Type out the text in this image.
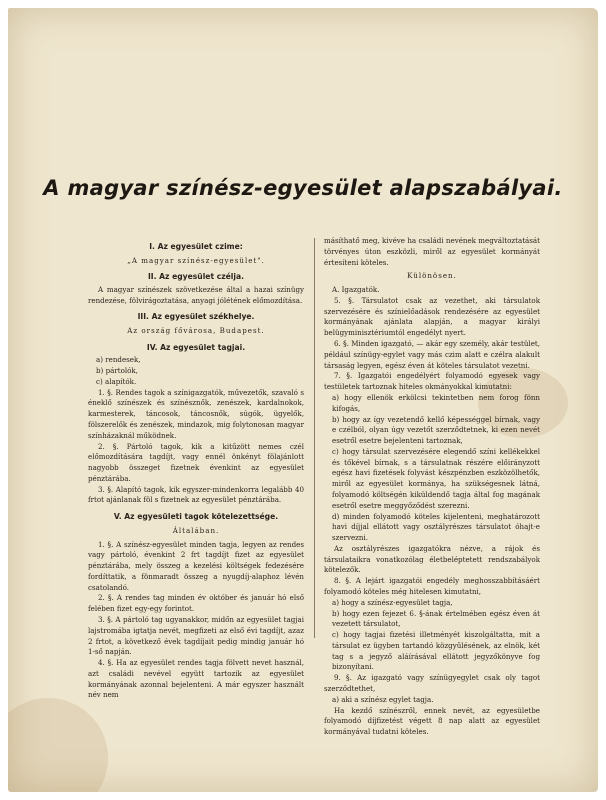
A magyar színész-egyesület alapszabályai.
I. Az egyesület czime:
„A magyar színész-egyesület".
II. Az egyesület czélja.
A magyar színészek szövetkezése által a hazai színügy rendezése, fölvirágoztatása, anyagi jólétének előmozdítása.
III. Az egyesület székhelye.
Az ország fővárosa, Budapest.
IV. Az egyesület tagjai.
a) rendesek,
b) pártolók,
c) alapítók.
1. §. Rendes tagok a színigazgatók, művezetők, szavaló s éneklő színészek és színésznők, zenészek, kardalnokok, karmesterek, táncosok, táncosnők, súgók, ügyelők, fölszerelők és zenészek, mindazok, mig folytonosan magyar színházaknál működnek.
2. §. Pártoló tagok, kik a kitűzött nemes czél előmozdítására tagdíjt, vagy ennél önkényt fölajánlott nagyobb összeget fizetnek évenkint az egyesület pénztárába.
3. §. Alapító tagok, kik egyszer-mindenkorra legalább 40 frtot ajánlanak föl s fizetnek az egyesület pénztárába.
V. Az egyesületi tagok kötelezettsége.
Általában.
1. §. A színész-egyesület minden tagja, legyen az rendes vagy pártoló, évenkint 2 frt tagdíjt fizet az egyesület pénztárába, mely összeg a kezelési költségek fedezésére fordíttatik, a fönmaradt összeg a nyugdíj-alaphoz lévén csatolandó.
2. §. A rendes tag minden év október és január hó első felében fizet egy-egy forintot.
3. §. A pártoló tag ugyanakkor, midőn az egyesület tagjai lajstromába igtatja nevét, megfizeti az első évi tagdíjt, azaz 2 frtot, a következő évek tagdíjait pedig mindig január hó 1-ső napján.
4. §. Ha az egyesület rendes tagja fölvett nevet használ, azt családi nevével együtt tartozik az egyesület kormányának azonnal bejelenteni. A már egyszer használt név nem
másíthatő meg, kivéve ha családi nevének megváltoztatását törvényes úton eszközli, miről az egyesület kormányát értesíteni köteles.
Különösen.
A. Igazgatók.
5. §. Társulatot csak az vezethet, aki társulatok szervezésére és színielőadások rendezésére az egyesület kormányának ajánlata alapján, a magyar királyi belügyminisztériumtól engedélyt nyert.
6. §. Minden igazgató, — akár egy személy, akár testület, például színügy-egylet vagy más czim alatt e czélra alakult társaság legyen, egész éven át köteles társulatot vezetni.
7. §. Igazgatói engedélyért folyamodó egyesek vagy testületek tartoznak hiteles okmányokkal kimutatni:
a) hogy ellenök erkölcsi tekintetben nem forog fönn kifogás,
b) hogy az így vezetendő kellő képességgel bírnak, vagy e czélból, olyan úgy vezetőt szerződtetnek, ki ezen nevét esetről esetre bejelenteni tartoznak,
c) hogy társulat szervezésére elegendő színi kellékekkel és tőkével bírnak, s a társulatnak részére előirányzott egész havi fizetések folyvást készpénzben eszközölhetők, miről az egyesület kormánya, ha szükségesnek látná, folyamodó költségén kiküldendő tagja által fog magának esetről esetre meggyőződést szerezni.
d) minden folyamodó köteles kijelenteni, meghatározott havi díjjal ellátott vagy osztályrészes társulatot óhajt-e szervezni.
Az osztályrészes igazgatókra nézve, a rájok és társulataikra vonatkozólag életbeléptetett rendszabályok kötelezők.
8. §. A lejárt igazgatói engedély meghosszabbításáért folyamodó köteles még hitelesen kimutatni,
a) hogy a színész-egyesület tagja,
b) hogy ezen fejezet 6. §-ának értelmében egész éven át vezetett társulatot,
c) hogy tagjai fizetési illetményét kiszolgáltatta, mit a társulat ez ügyben tartandó közgyűlésének, az elnök, két tag s a jegyző aláírásával ellátott jegyzőkönyve fog bizonyítani.
9. §. Az igazgató vagy színügyegylet csak oly tagot szerződtethet,
a) aki a színész egylet tagja.
Ha kezdő színészről, ennek nevét, az egyesületbe folyamodó díjfizetést végett 8 nap alatt az egyesület kormányával tudatni köteles.
